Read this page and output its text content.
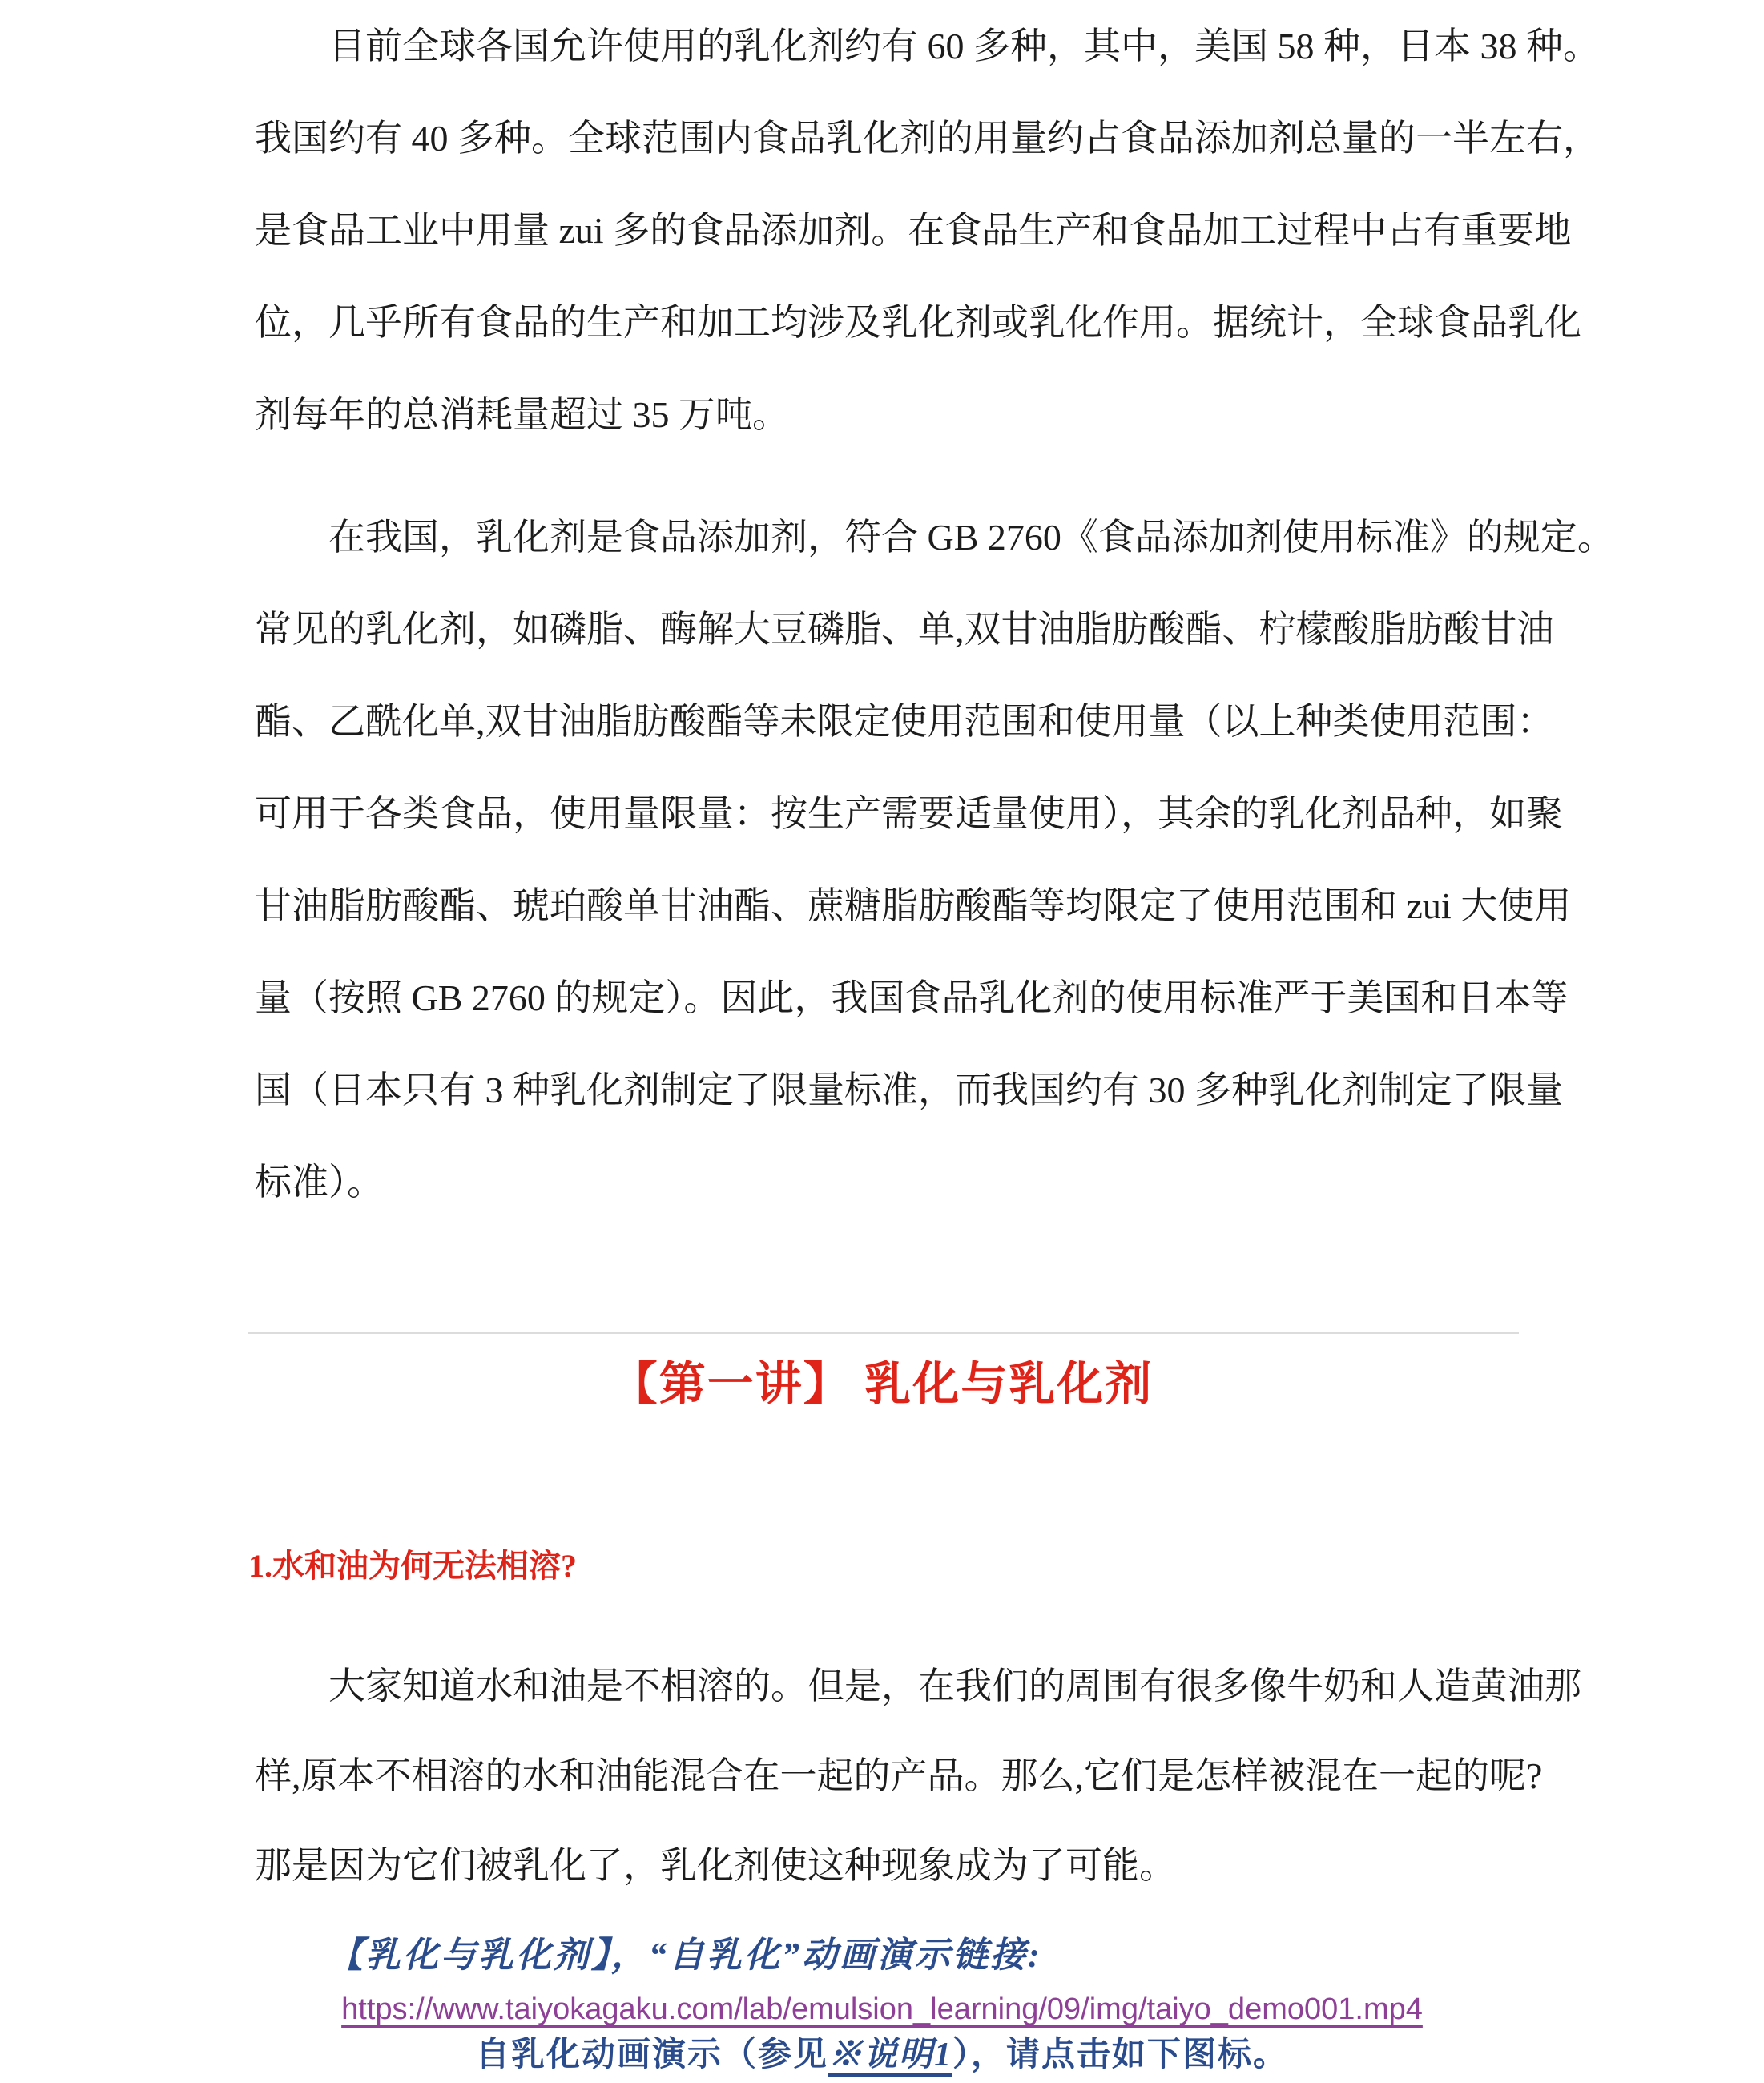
目前全球各国允许使用的乳化剂约有 60 多种，其中，美国 58 种，日本 38 种。
我国约有 40 多种。全球范围内食品乳化剂的用量约占食品添加剂总量的一半左右，
是食品工业中用量 zui 多的食品添加剂。在食品生产和食品加工过程中占有重要地
位，几乎所有食品的生产和加工均涉及乳化剂或乳化作用。据统计，全球食品乳化
剂每年的总消耗量超过 35 万吨。
在我国，乳化剂是食品添加剂，符合 GB 2760《食品添加剂使用标准》的规定。
常见的乳化剂，如磷脂、酶解大豆磷脂、单,双甘油脂肪酸酯、柠檬酸脂肪酸甘油
酯、乙酰化单,双甘油脂肪酸酯等未限定使用范围和使用量（以上种类使用范围：
可用于各类食品，使用量限量：按生产需要适量使用），其余的乳化剂品种，如聚
甘油脂肪酸酯、琥珀酸单甘油酯、蔗糖脂肪酸酯等均限定了使用范围和 zui 大使用
量（按照 GB 2760 的规定）。因此，我国食品乳化剂的使用标准严于美国和日本等
国（日本只有 3 种乳化剂制定了限量标准，而我国约有 30 多种乳化剂制定了限量
标准）。
【第一讲】 乳化与乳化剂
1.水和油为何无法相溶?
大家知道水和油是不相溶的。但是，在我们的周围有很多像牛奶和人造黄油那
样,原本不相溶的水和油能混合在一起的产品。那么,它们是怎样被混在一起的呢?
那是因为它们被乳化了，乳化剂使这种现象成为了可能。
【乳化与乳化剂】，“自乳化”动画演示链接:
https://www.taiyokagaku.com/lab/emulsion_learning/09/img/taiyo_demo001.mp4
自乳化动画演示（参见※说明1），请点击如下图标。
